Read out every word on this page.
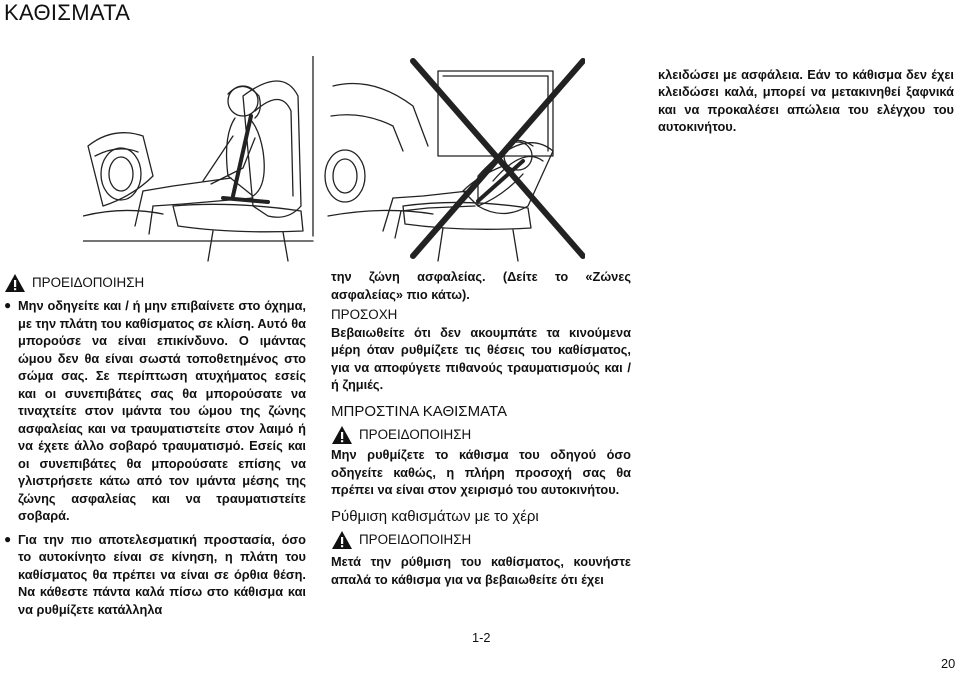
ΚΑΘΙΣΜΑΤΑ
κλειδώσει με ασφάλεια. Εάν το κάθισμα δεν έχει κλειδώσει καλά, μπορεί να μετακινηθεί ξαφνικά και να προκαλέσει απώλεια του ελέγχου του αυτοκινήτου.
ΠΡΟΕΙΔΟΠΟΙΗΣΗ
● Μην οδηγείτε και / ή μην επιβαίνετε στο όχημα, με την πλάτη του καθίσματος σε κλίση. Αυτό θα μπορούσε να είναι επικίνδυνο. Ο ιμάντας ώμου δεν θα είναι σωστά τοποθετημένος στο σώμα σας. Σε περίπτωση ατυχήματος εσείς και οι συνεπιβάτες σας θα μπορούσατε να τιναχτείτε στον ιμάντα του ώμου της ζώνης ασφαλείας και να τραυματιστείτε στον λαιμό ή να έχετε άλλο σοβαρό τραυματισμό. Εσείς και οι συνεπιβάτες θα μπορούσατε επίσης να γλιστρήσετε κάτω από τον ιμάντα μέσης της ζώνης ασφαλείας και να τραυματιστείτε σοβαρά.
● Για την πιο αποτελεσματική προστασία, όσο το αυτοκίνητο είναι σε κίνηση, η πλάτη του καθίσματος θα πρέπει να είναι σε όρθια θέση. Να κάθεστε πάντα καλά πίσω στο κάθισμα και να ρυθμίζετε κατάλληλα

την ζώνη ασφαλείας. (Δείτε το «Ζώνες ασφαλείας» πιο κάτω).

ΠΡΟΣΟΧΗ

Βεβαιωθείτε ότι δεν ακουμπάτε τα κινούμενα μέρη όταν ρυθμίζετε τις θέσεις του καθίσματος, για να αποφύγετε πιθανούς τραυματισμούς και / ή ζημιές.

ΜΠΡΟΣΤΙΝΑ ΚΑΘΙΣΜΑΤΑ

ΠΡΟΕΙΔΟΠΟΙΗΣΗ

Μην ρυθμίζετε το κάθισμα του οδηγού όσο οδηγείτε καθώς, η πλήρη προσοχή σας θα πρέπει να είναι στον χειρισμό του αυτοκινήτου.

Ρύθμιση καθισμάτων με το χέρι

ΠΡΟΕΙΔΟΠΟΙΗΣΗ

Μετά την ρύθμιση του καθίσματος, κουνήστε απαλά το κάθισμα για να βεβαιωθείτε ότι έχει

1-2
20
